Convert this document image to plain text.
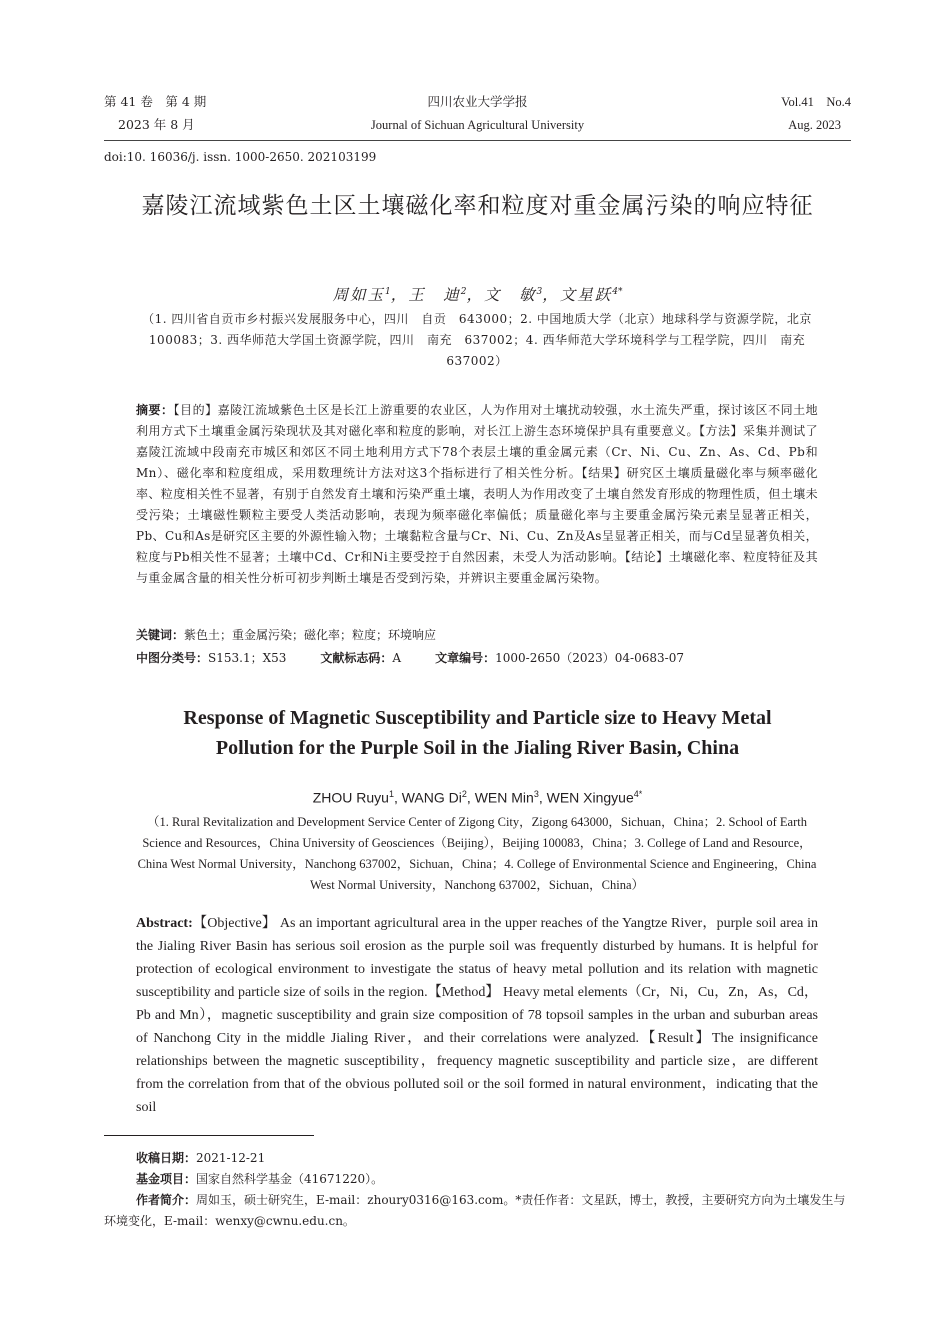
第 41 卷　第 4 期
2023 年 8 月
四川农业大学学报
Journal of Sichuan Agricultural University
Vol.41　No.4
Aug. 2023
doi:10. 16036/j. issn. 1000-2650. 202103199
嘉陵江流域紫色土区土壤磁化率和粒度对重金属污染的响应特征
周如玉$^1$，王　迪$^2$，文　敏$^3$，文星跃$^{4*}$
（1. 四川省自贡市乡村振兴发展服务中心，四川　自贡　643000；2. 中国地质大学（北京）地球科学与资源学院，北京　100083；3. 西华师范大学国土资源学院，四川　南充　637002；4. 西华师范大学环境科学与工程学院，四川　南充　637002）
摘要：【目的】嘉陵江流域紫色土区是长江上游重要的农业区，人为作用对土壤扰动较强，水土流失严重，探讨该区不同土地利用方式下土壤重金属污染现状及其对磁化率和粒度的影响，对长江上游生态环境保护具有重要意义。【方法】采集并测试了嘉陵江流域中段南充市城区和郊区不同土地利用方式下78个表层土壤的重金属元素（Cr、Ni、Cu、Zn、As、Cd、Pb和Mn）、磁化率和粒度组成，采用数理统计方法对这3个指标进行了相关性分析。【结果】研究区土壤质量磁化率与频率磁化率、粒度相关性不显著，有别于自然发育土壤和污染严重土壤，表明人为作用改变了土壤自然发育形成的物理性质，但土壤未受污染；土壤磁性颗粒主要受人类活动影响，表现为频率磁化率偏低；质量磁化率与主要重金属污染元素呈显著正相关，Pb、Cu和As是研究区主要的外源性输入物；土壤黏粒含量与Cr、Ni、Cu、Zn及As呈显著正相关，而与Cd呈显著负相关，粒度与Pb相关性不显著；土壤中Cd、Cr和Ni主要受控于自然因素，未受人为活动影响。【结论】土壤磁化率、粒度特征及其与重金属含量的相关性分析可初步判断土壤是否受到污染，并辨识主要重金属污染物。
关键词：紫色土；重金属污染；磁化率；粒度；环境响应
中图分类号：S153.1；X53	文献标志码：A	文章编号：1000-2650（2023）04-0683-07
Response of Magnetic Susceptibility and Particle size to Heavy Metal Pollution for the Purple Soil in the Jialing River Basin, China
ZHOU Ruyu$^1$, WANG Di$^2$, WEN Min$^3$, WEN Xingyue$^{4*}$
（1. Rural Revitalization and Development Service Center of Zigong City，Zigong 643000，Sichuan，China；2. School of Earth Science and Resources，China University of Geosciences（Beijing），Beijing 100083，China；3. College of Land and Resource，China West Normal University，Nanchong 637002，Sichuan，China；4. College of Environmental Science and Engineering，China West Normal University，Nanchong 637002，Sichuan，China）
Abstract:【Objective】 As an important agricultural area in the upper reaches of the Yangtze River，purple soil area in the Jialing River Basin has serious soil erosion as the purple soil was frequently disturbed by humans. It is helpful for protection of ecological environment to investigate the status of heavy metal pollution and its relation with magnetic susceptibility and particle size of soils in the region.【Method】 Heavy metal elements（Cr，Ni，Cu，Zn，As，Cd，Pb and Mn），magnetic susceptibility and grain size composition of 78 topsoil samples in the urban and suburban areas of Nanchong City in the middle Jialing River，and their correlations were analyzed.【Result】The insignificance relationships between the magnetic susceptibility，frequency magnetic susceptibility and particle size，are different from the correlation from that of the obvious polluted soil or the soil formed in natural environment，indicating that the soil
收稿日期：2021-12-21
基金项目：国家自然科学基金（41671220）。
作者简介：周如玉，硕士研究生，E-mail：zhoury0316@163.com。*责任作者：文星跃，博士，教授，主要研究方向为土壤发生与环境变化，E-mail：wenxy@cwnu.edu.cn。
